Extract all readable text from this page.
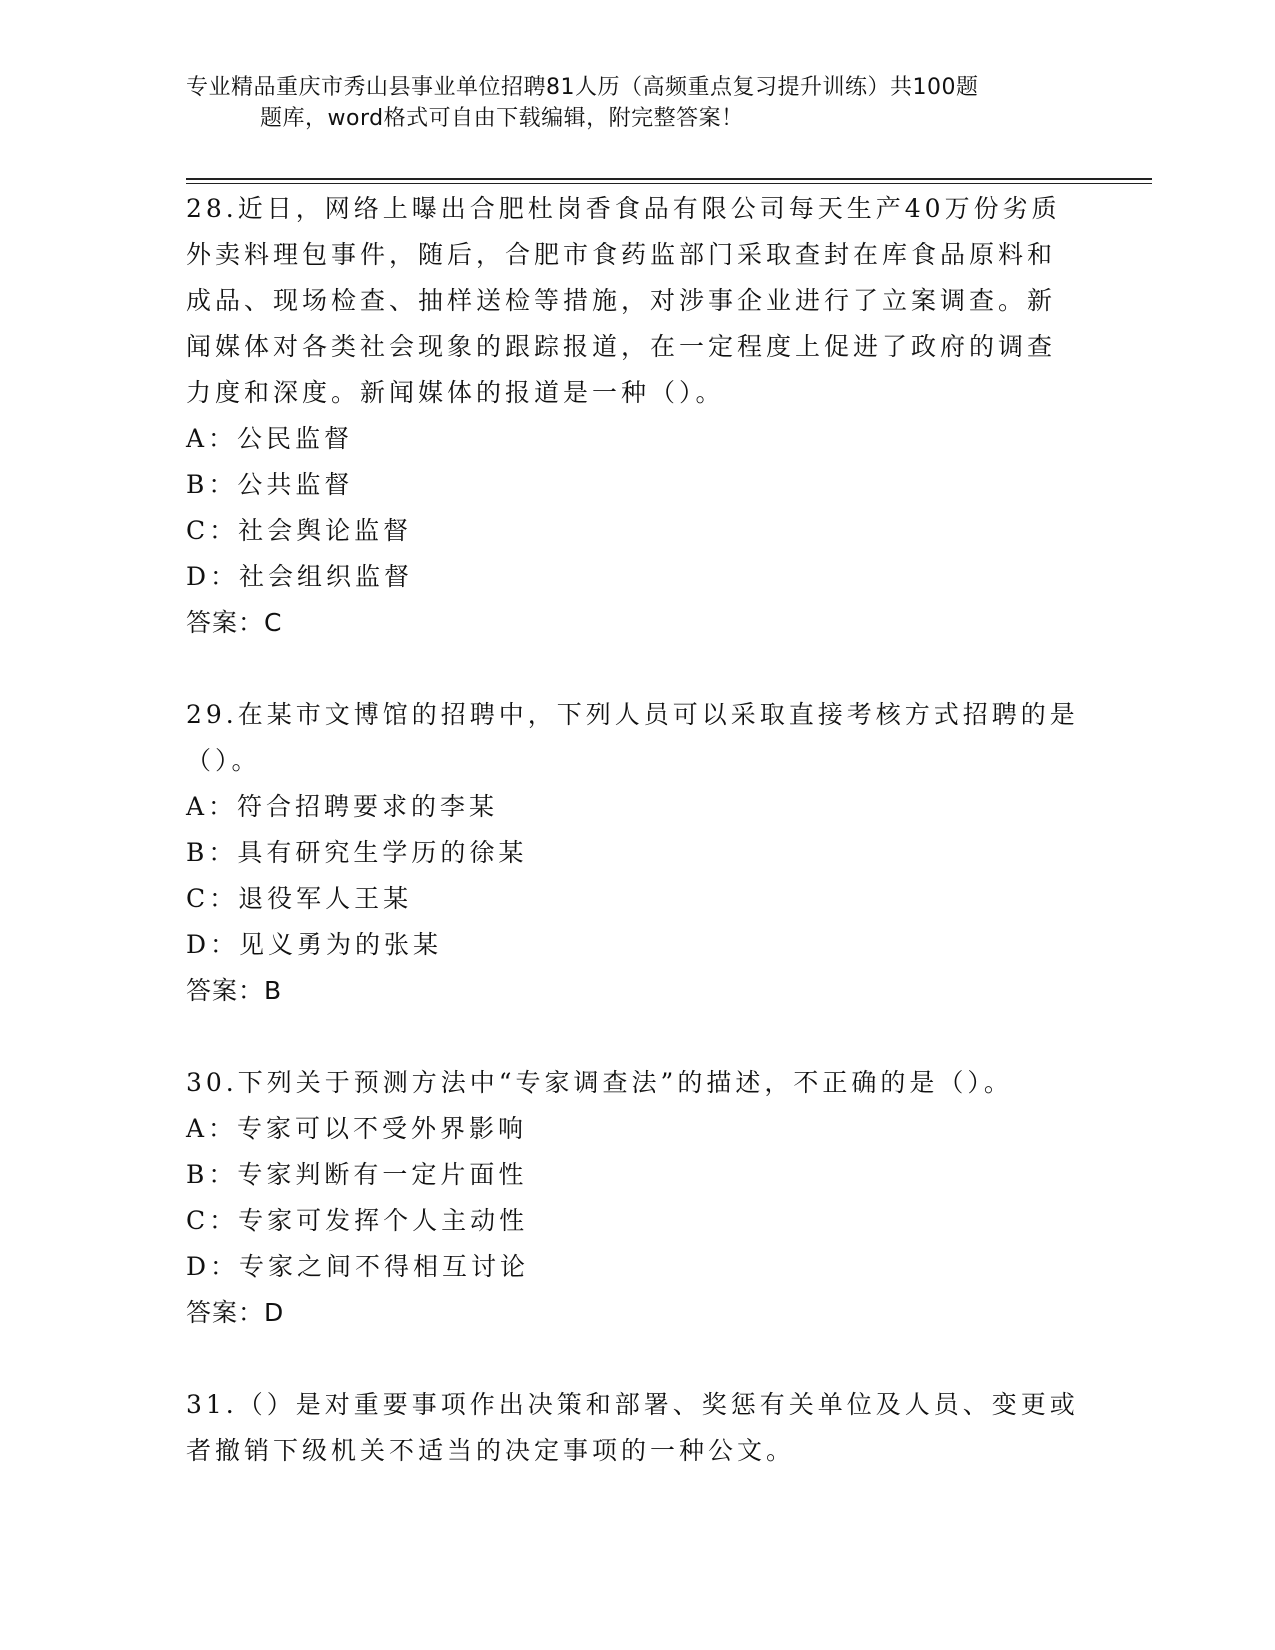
专业精品重庆市秀山县事业单位招聘81人历（高频重点复习提升训练）共100题
题库，word格式可自由下载编辑，附完整答案！
28.近日，网络上曝出合肥杜岗香食品有限公司每天生产40万份劣质
外卖料理包事件，随后，合肥市食药监部门采取查封在库食品原料和
成品、现场检查、抽样送检等措施，对涉事企业进行了立案调查。新
闻媒体对各类社会现象的跟踪报道，在一定程度上促进了政府的调查
力度和深度。新闻媒体的报道是一种（）。
A：公民监督
B：公共监督
C：社会舆论监督
D：社会组织监督
答案：C
29.在某市文博馆的招聘中，下列人员可以采取直接考核方式招聘的是
（）。
A：符合招聘要求的李某
B：具有研究生学历的徐某
C：退役军人王某
D：见义勇为的张某
答案：B
30.下列关于预测方法中“专家调查法”的描述，不正确的是（）。
A：专家可以不受外界影响
B：专家判断有一定片面性
C：专家可发挥个人主动性
D：专家之间不得相互讨论
答案：D
31.（）是对重要事项作出决策和部署、奖惩有关单位及人员、变更或
者撤销下级机关不适当的决定事项的一种公文。
